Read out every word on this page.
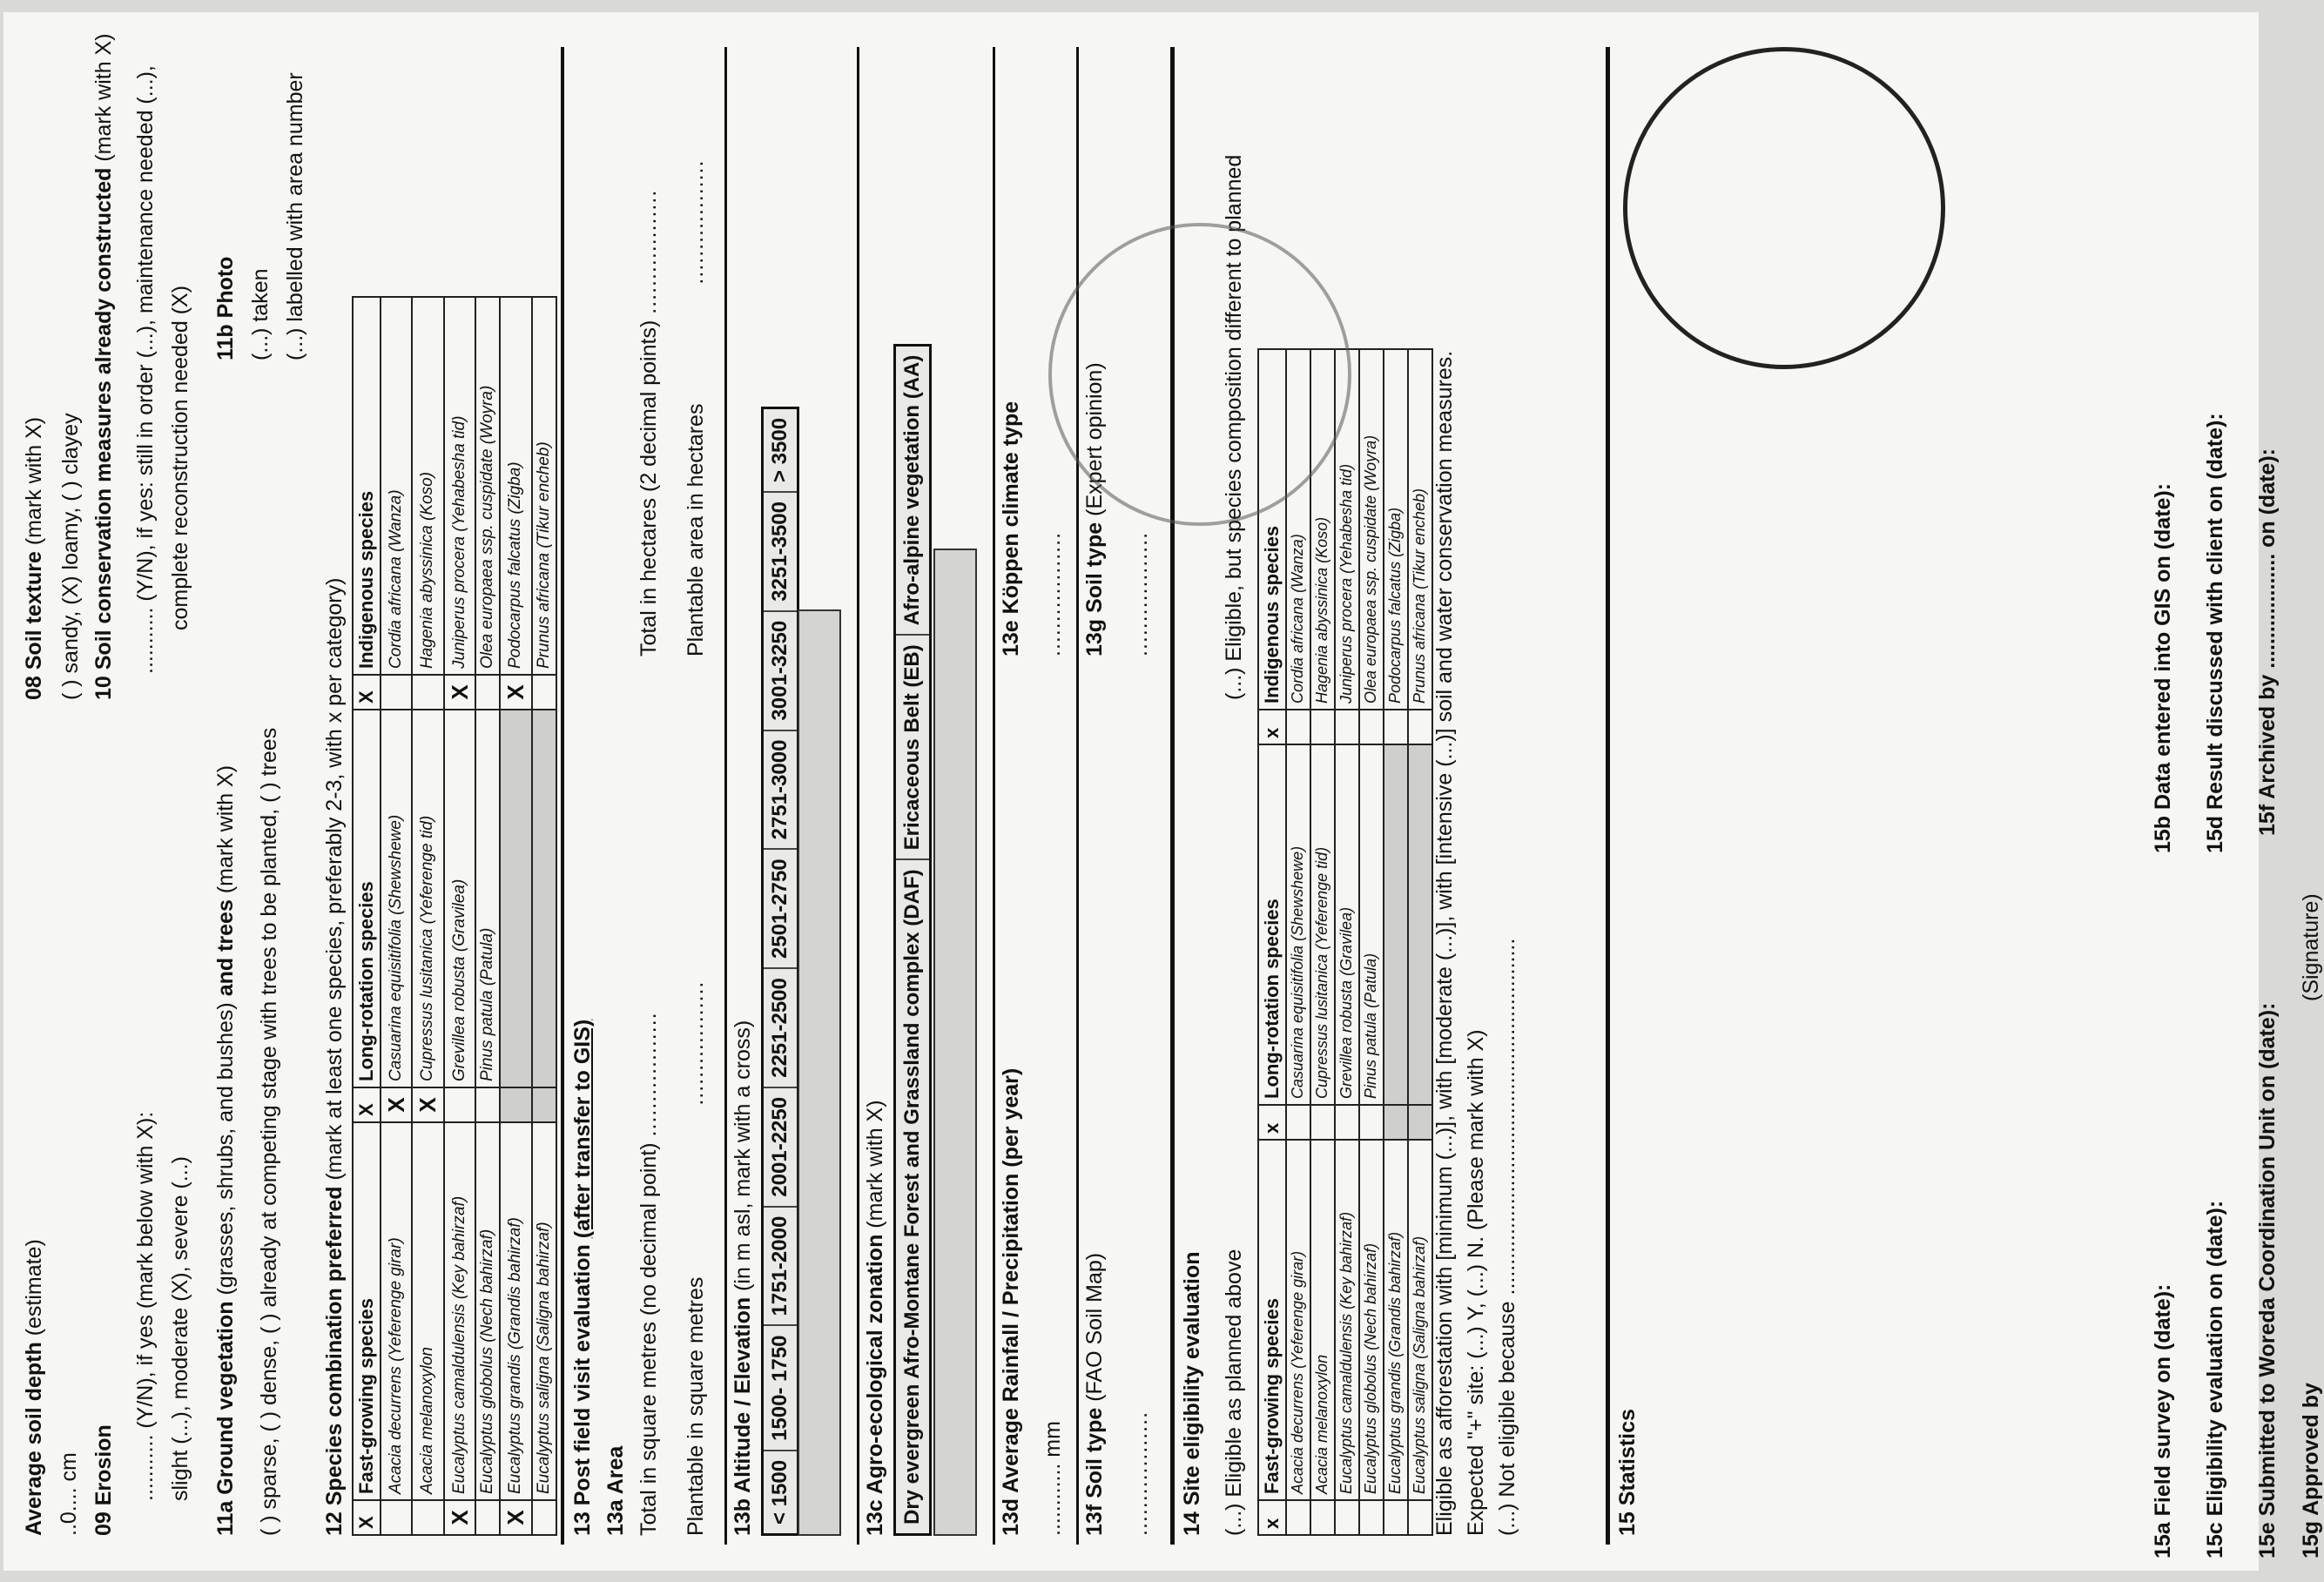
Average soil depth (estimate)
..0.... cm 09 Erosion ........... (Y/N), if yes (mark below with X): slight (...), moderate (X), severe (...)
08 Soil texture (mark with X) ( ) sandy, (X) loamy, ( ) clayey 10 Soil conservation measures already constructed (mark with X) ........... (Y/N), if yes: still in order (...), maintenance needed (...), complete reconstruction needed (X)
11a Ground vegetation (grasses, shrubs, and bushes) and trees (mark with X) ( ) sparse, ( ) dense, ( ) already at competing stage with trees to be planted, ( ) trees
11b Photo (...) taken (...) labelled with area number
12 Species combination preferred (mark at least one species, preferably 2-3, with x per category)
X	Fast-growing species	X	Long-rotation species	X	Indigenous species
	Acacia decurrens (Yeferenge girar)	X	Casuarina equisitifolia (Shewshewe)		Cordia africana (Wanza)
	Acacia melanoxylon	X	Cupressus lusitanica (Yeferenge tid)		Hagenia abyssinica (Koso)
X	Eucalyptus camaldulensis (Key bahirzaf)		Grevillea robusta (Gravilea)	X	Juniperus procera (Yehabesha tid)
	Eucalyptus globolus (Nech bahirzaf)		Pinus patula (Patula)		Olea europaea ssp. cuspidate (Woyra)
X	Eucalyptus grandis (Grandis bahirzaf)			X	Podocarpus falcatus (Zigba)
	Eucalyptus saligna (Saligna bahirzaf)				Prunus africana (Tikur encheb)
13 Post field visit evaluation (after transfer to GIS)
13a Area Total in square metres (no decimal point) ..................
Plantable in square metres ..................
Total in hectares (2 decimal points) ..................
Plantable area in hectares ..................
13b Altitude / Elevation (in m asl, mark with a cross)
< 1500
1500- 1750
1751-2000
2001-2250
2251-2500
2501-2750
2751-3000
3001-3250
3251-3500
> 3500
13c Agro-ecological zonation (mark with X) Dry evergreen Afro-Montane Forest and Grassland complex (DAF)
Ericaceous Belt (EB)
Afro-alpine vegetation (AA)
13d Average Rainfall / Precipitation (per year)
............ mm
13e Köppen climate type ..................
13f Soil type (FAO Soil Map)
..................
13g Soil type (Expert opinion)
..................
14 Site eligibility evaluation (...) Eligible as planned above
(...) Eligible, but species composition different to planned
x	Fast-growing species	x	Long-rotation species	x	Indigenous species
	Acacia decurrens (Yeferenge girar)		Casuarina equisitifolia (Shewshewe)		Cordia africana (Wanza)
	Acacia melanoxylon		Cupressus lusitanica (Yeferenge tid)		Hagenia abyssinica (Koso)
	Eucalyptus camaldulensis (Key bahirzaf)		Grevillea robusta (Gravilea)		Juniperus procera (Yehabesha tid)
	Eucalyptus globolus (Nech bahirzaf)		Pinus patula (Patula)		Olea europaea ssp. cuspidate (Woyra)
	Eucalyptus grandis (Grandis bahirzaf)				Podocarpus falcatus (Zigba)
	Eucalyptus saligna (Saligna bahirzaf)				Prunus africana (Tikur encheb) Eligible as afforestation with [minimum (...)], with [moderate (...)], with [intensive (...)] soil and water conservation measures. Expected "+" site: (...) Y, (...) N. (Please mark with X) (...) Not eligible because ...........................................................	15 Statistics	15a Field survey on (date):
15b Data entered into GIS on (date):
15c Eligibility evaluation on (date):
15d Result discussed with client on (date):
15e Submitted to Woreda Coordination Unit on (date):
15f Archived by ................... on (date):
15g Approved by
(Signature)
